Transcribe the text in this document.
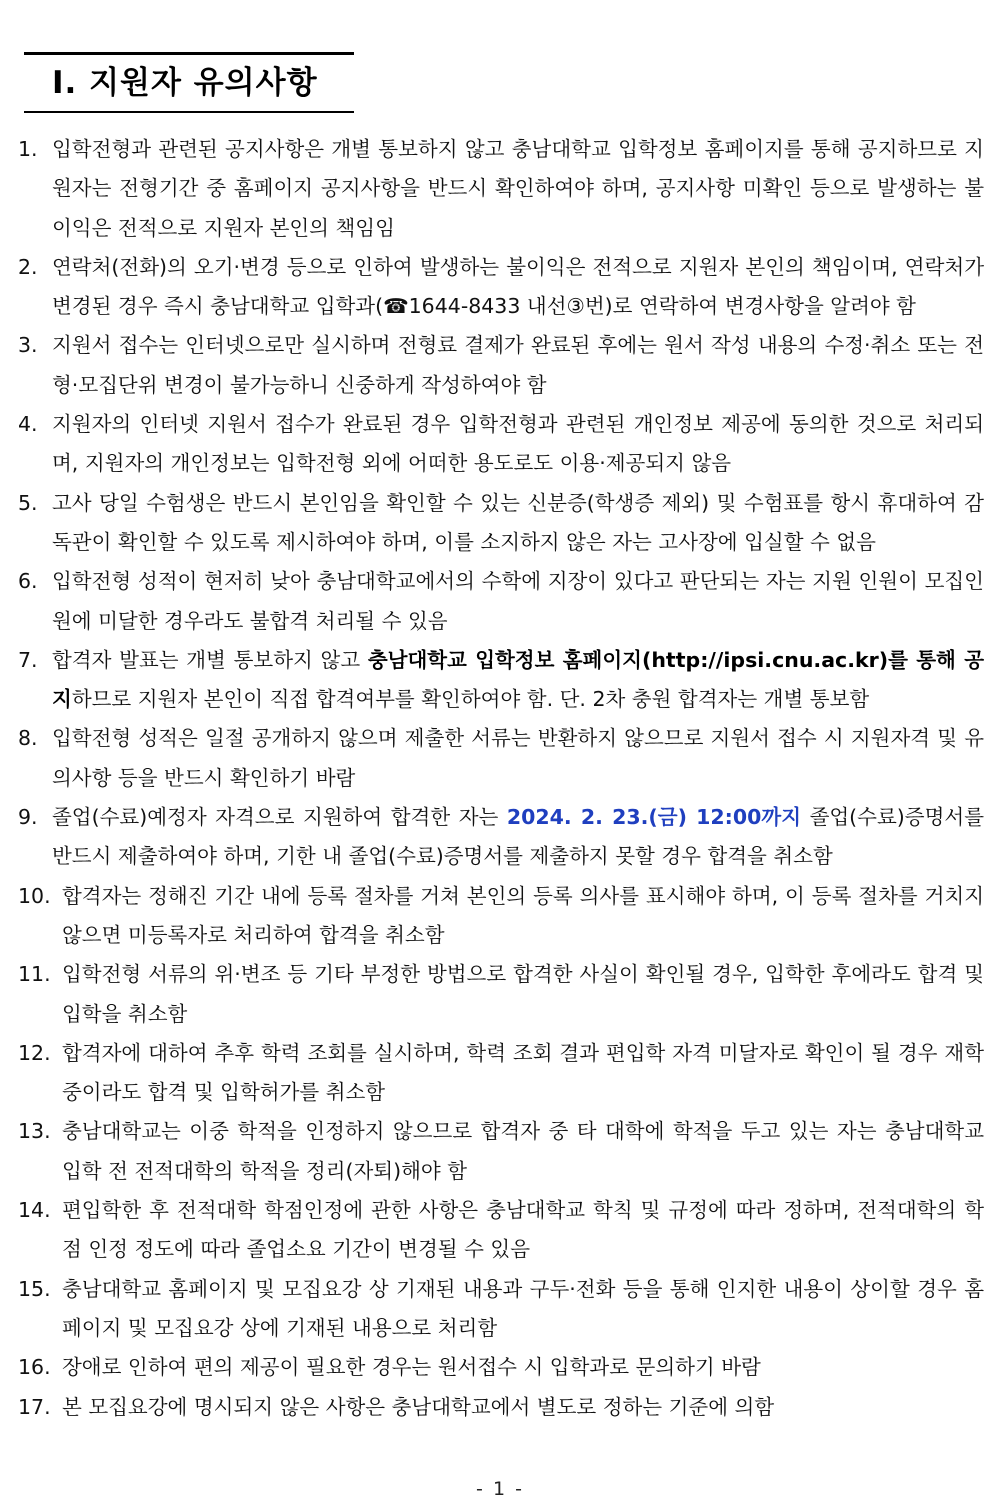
Ⅰ. 지원자 유의사항
1. 입학전형과 관련된 공지사항은 개별 통보하지 않고 충남대학교 입학정보 홈페이지를 통해 공지하므로 지원자는 전형기간 중 홈페이지 공지사항을 반드시 확인하여야 하며, 공지사항 미확인 등으로 발생하는 불이익은 전적으로 지원자 본인의 책임임
2. 연락처(전화)의 오기·변경 등으로 인하여 발생하는 불이익은 전적으로 지원자 본인의 책임이며, 연락처가 변경된 경우 즉시 충남대학교 입학과(☎1644-8433 내선③번)로 연락하여 변경사항을 알려야 함
3. 지원서 접수는 인터넷으로만 실시하며 전형료 결제가 완료된 후에는 원서 작성 내용의 수정·취소 또는 전형·모집단위 변경이 불가능하니 신중하게 작성하여야 함
4. 지원자의 인터넷 지원서 접수가 완료된 경우 입학전형과 관련된 개인정보 제공에 동의한 것으로 처리되며, 지원자의 개인정보는 입학전형 외에 어떠한 용도로도 이용·제공되지 않음
5. 고사 당일 수험생은 반드시 본인임을 확인할 수 있는 신분증(학생증 제외) 및 수험표를 항시 휴대하여 감독관이 확인할 수 있도록 제시하여야 하며, 이를 소지하지 않은 자는 고사장에 입실할 수 없음
6. 입학전형 성적이 현저히 낮아 충남대학교에서의 수학에 지장이 있다고 판단되는 자는 지원 인원이 모집인원에 미달한 경우라도 불합격 처리될 수 있음
7. 합격자 발표는 개별 통보하지 않고 충남대학교 입학정보 홈페이지(http://ipsi.cnu.ac.kr)를 통해 공지하므로 지원자 본인이 직접 합격여부를 확인하여야 함. 단. 2차 충원 합격자는 개별 통보함
8. 입학전형 성적은 일절 공개하지 않으며 제출한 서류는 반환하지 않으므로 지원서 접수 시 지원자격 및 유의사항 등을 반드시 확인하기 바람
9. 졸업(수료)예정자 자격으로 지원하여 합격한 자는 2024. 2. 23.(금) 12:00까지 졸업(수료)증명서를 반드시 제출하여야 하며, 기한 내 졸업(수료)증명서를 제출하지 못할 경우 합격을 취소함
10. 합격자는 정해진 기간 내에 등록 절차를 거쳐 본인의 등록 의사를 표시해야 하며, 이 등록 절차를 거치지 않으면 미등록자로 처리하여 합격을 취소함
11. 입학전형 서류의 위·변조 등 기타 부정한 방법으로 합격한 사실이 확인될 경우, 입학한 후에라도 합격 및 입학을 취소함
12. 합격자에 대하여 추후 학력 조회를 실시하며, 학력 조회 결과 편입학 자격 미달자로 확인이 될 경우 재학 중이라도 합격 및 입학허가를 취소함
13. 충남대학교는 이중 학적을 인정하지 않으므로 합격자 중 타 대학에 학적을 두고 있는 자는 충남대학교 입학 전 전적대학의 학적을 정리(자퇴)해야 함
14. 편입학한 후 전적대학 학점인정에 관한 사항은 충남대학교 학칙 및 규정에 따라 정하며, 전적대학의 학점 인정 정도에 따라 졸업소요 기간이 변경될 수 있음
15. 충남대학교 홈페이지 및 모집요강 상 기재된 내용과 구두·전화 등을 통해 인지한 내용이 상이할 경우 홈페이지 및 모집요강 상에 기재된 내용으로 처리함
16. 장애로 인하여 편의 제공이 필요한 경우는 원서접수 시 입학과로 문의하기 바람
17. 본 모집요강에 명시되지 않은 사항은 충남대학교에서 별도로 정하는 기준에 의함
- 1 -
